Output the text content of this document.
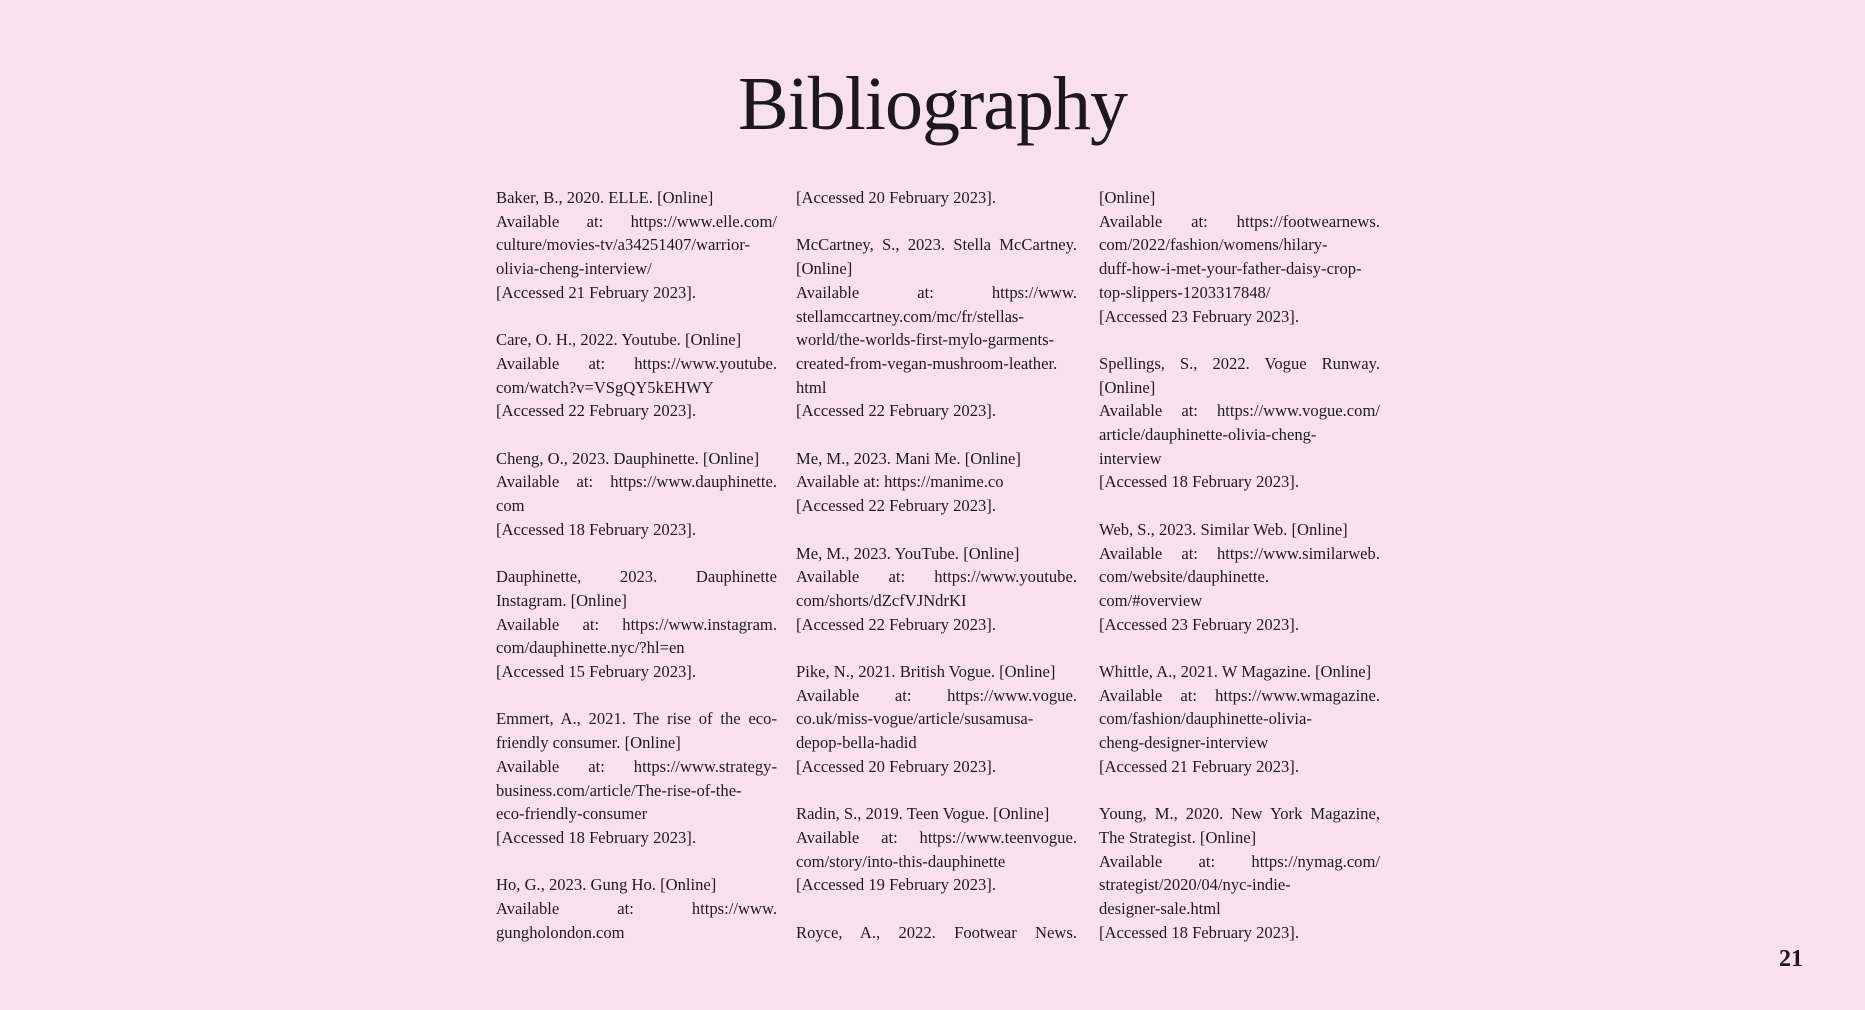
Bibliography
Baker, B., 2020. ELLE. [Online]
Available at: https://www.elle.com/
culture/movies-tv/a34251407/warrior-
olivia-cheng-interview/
[Accessed 21 February 2023].
Care, O. H., 2022. Youtube. [Online]
Available at: https://www.youtube.
com/watch?v=VSgQY5kEHWY
[Accessed 22 February 2023].
Cheng, O., 2023. Dauphinette. [Online]
Available at: https://www.dauphinette.
com
[Accessed 18 February 2023].
Dauphinette, 2023. Dauphinette
Instagram. [Online]
Available at: https://www.instagram.
com/dauphinette.nyc/?hl=en
[Accessed 15 February 2023].
Emmert, A., 2021. The rise of the eco-
friendly consumer. [Online]
Available at: https://www.strategy-
business.com/article/The-rise-of-the-
eco-friendly-consumer
[Accessed 18 February 2023].
Ho, G., 2023. Gung Ho. [Online]
Available at: https://www.
gungholondon.com
[Accessed 20 February 2023].
McCartney, S., 2023. Stella McCartney.
[Online]
Available at: https://www.
stellamccartney.com/mc/fr/stellas-
world/the-worlds-first-mylo-garments-
created-from-vegan-mushroom-leather.
html
[Accessed 22 February 2023].
Me, M., 2023. Mani Me. [Online]
Available at: https://manime.co
[Accessed 22 February 2023].
Me, M., 2023. YouTube. [Online]
Available at: https://www.youtube.
com/shorts/dZcfVJNdrKI
[Accessed 22 February 2023].
Pike, N., 2021. British Vogue. [Online]
Available at: https://www.vogue.
co.uk/miss-vogue/article/susamusa-
depop-bella-hadid
[Accessed 20 February 2023].
Radin, S., 2019. Teen Vogue. [Online]
Available at: https://www.teenvogue.
com/story/into-this-dauphinette
[Accessed 19 February 2023].
Royce, A., 2022. Footwear News.
[Online]
Available at: https://footwearnews.
com/2022/fashion/womens/hilary-
duff-how-i-met-your-father-daisy-crop-
top-slippers-1203317848/
[Accessed 23 February 2023].
Spellings, S., 2022. Vogue Runway.
[Online]
Available at: https://www.vogue.com/
article/dauphinette-olivia-cheng-
interview
[Accessed 18 February 2023].
Web, S., 2023. Similar Web. [Online]
Available at: https://www.similarweb.
com/website/dauphinette.
com/#overview
[Accessed 23 February 2023].
Whittle, A., 2021. W Magazine. [Online]
Available at: https://www.wmagazine.
com/fashion/dauphinette-olivia-
cheng-designer-interview
[Accessed 21 February 2023].
Young, M., 2020. New York Magazine,
The Strategist. [Online]
Available at: https://nymag.com/
strategist/2020/04/nyc-indie-
designer-sale.html
[Accessed 18 February 2023].
21
